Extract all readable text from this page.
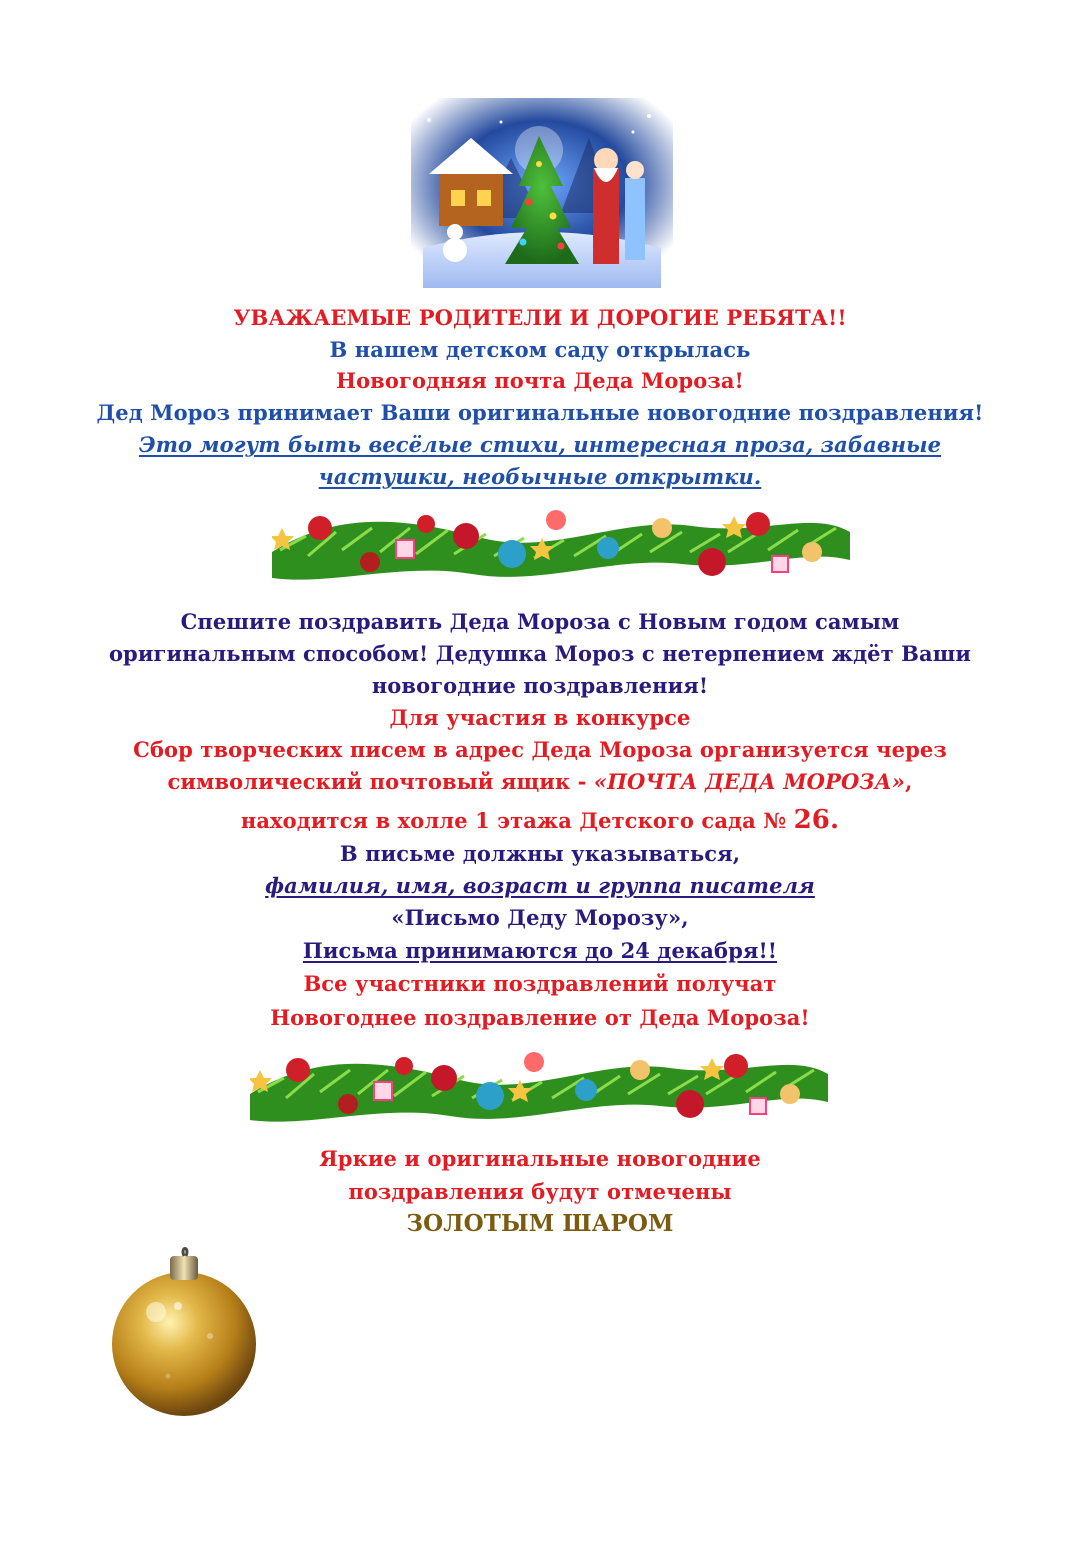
УВАЖАЕМЫЕ РОДИТЕЛИ И ДОРОГИЕ РЕБЯТА!!
В нашем детском саду открылась
Новогодняя почта Деда Мороза!
Дед Мороз принимает Ваши оригинальные новогодние поздравления!
Это могут быть весёлые стихи, интересная проза, забавные
частушки, необычные открытки.
Спешите поздравить Деда Мороза с Новым годом самым
оригинальным способом! Дедушка Мороз с нетерпением ждёт Ваши
новогодние поздравления!
Для участия в конкурсе
Сбор творческих писем в адрес Деда Мороза организуется через
символический почтовый ящик - «ПОЧТА ДЕДА МОРОЗА»,
находится в холле 1 этажа Детского сада № 26.
В письме должны указываться,
фамилия, имя, возраст и группа писателя
«Письмо Деду Морозу»,
Письма принимаются до 24 декабря!!
Все участники поздравлений получат
Новогоднее поздравление от Деда Мороза!
Яркие и оригинальные новогодние
поздравления будут отмечены
ЗОЛОТЫМ ШАРОМ
